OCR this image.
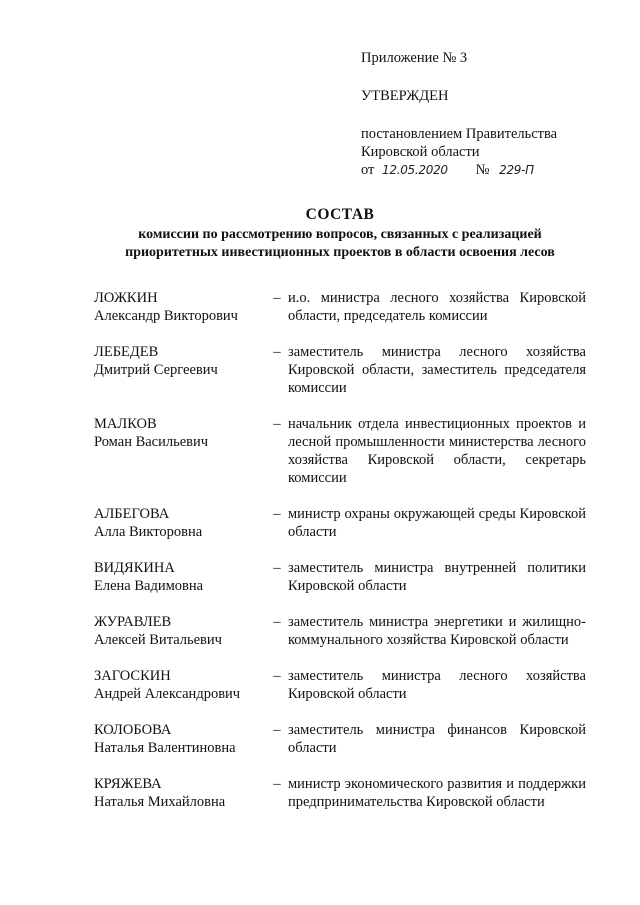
Приложение № 3
УТВЕРЖДЕН
постановлением Правительства
Кировской области
от 12.05.2020 № 229-П
СОСТАВ
комиссии по рассмотрению вопросов, связанных с реализацией
приоритетных инвестиционных проектов в области освоения лесов
ЛОЖКИН
Александр Викторович
– и.о. министра лесного хозяйства Кировской области, председатель комиссии
ЛЕБЕДЕВ
Дмитрий Сергеевич
– заместитель министра лесного хозяйства Кировской области, заместитель председателя комиссии
МАЛКОВ
Роман Васильевич
– начальник отдела инвестиционных проектов и лесной промышленности министерства лесного хозяйства Кировской области, секретарь комиссии
АЛБЕГОВА
Алла Викторовна
– министр охраны окружающей среды Кировской области
ВИДЯКИНА
Елена Вадимовна
– заместитель министра внутренней политики Кировской области
ЖУРАВЛЕВ
Алексей Витальевич
– заместитель министра энергетики и жилищно-коммунального хозяйства Кировской области
ЗАГОСКИН
Андрей Александрович
– заместитель министра лесного хозяйства Кировской области
КОЛОБОВА
Наталья Валентиновна
– заместитель министра финансов Кировской области
КРЯЖЕВА
Наталья Михайловна
– министр экономического развития и поддержки предпринимательства Кировской области
